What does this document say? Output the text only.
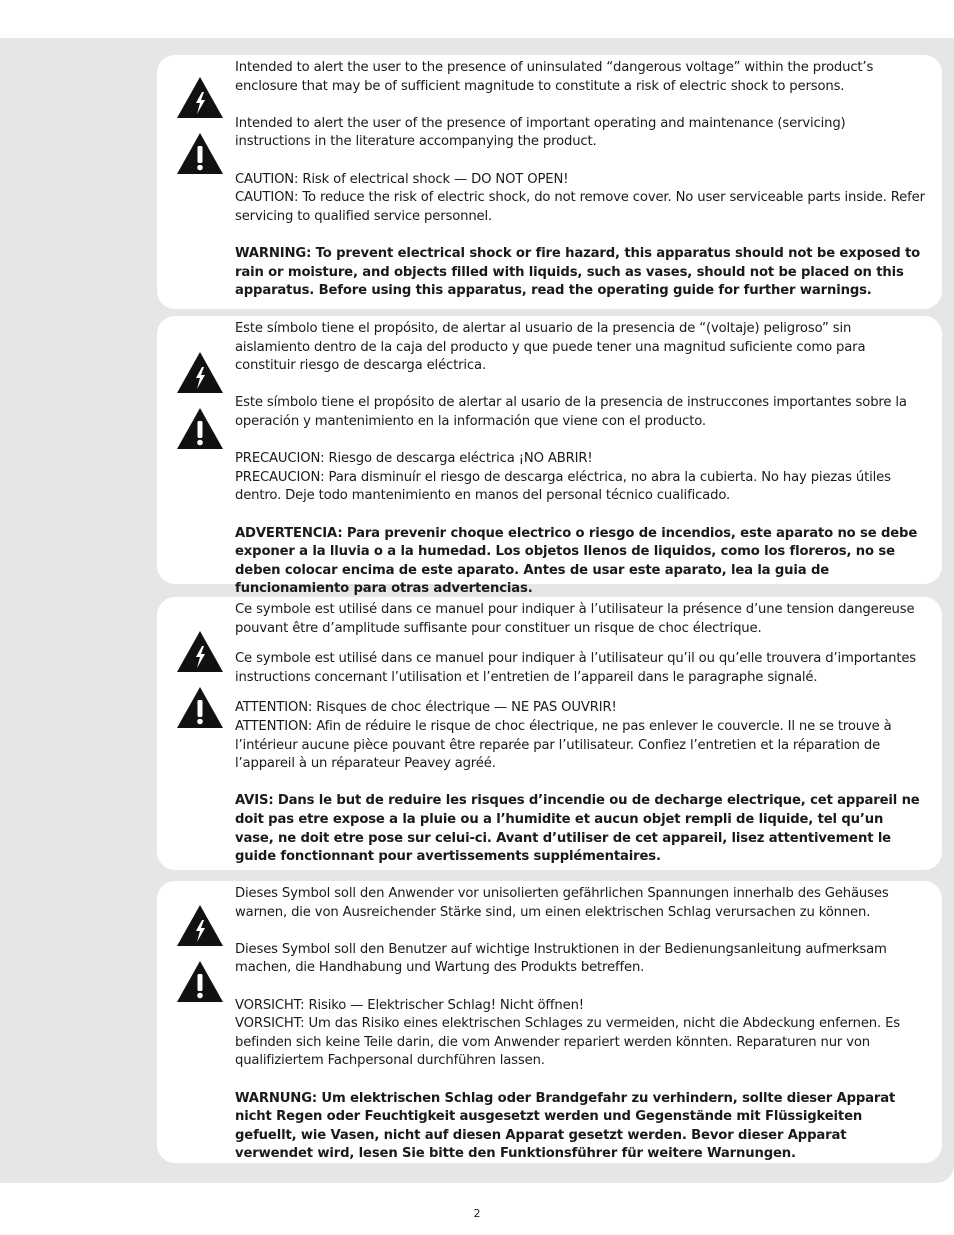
Intended to alert the user to the presence of uninsulated “dangerous voltage” within the product’s enclosure that may be of sufficient magnitude to constitute a risk of electric shock to persons.

Intended to alert the user of the presence of important operating and maintenance (servicing) instructions in the literature accompanying the product.

CAUTION: Risk of electrical shock — DO NOT OPEN!

CAUTION: To reduce the risk of electric shock, do not remove cover. No user serviceable parts inside. Refer servicing to qualified service personnel.

WARNING: To prevent electrical shock or fire hazard, this apparatus should not be exposed to rain or moisture, and objects filled with liquids, such as vases, should not be placed on this apparatus. Before using this apparatus, read the operating guide for further warnings.

Este símbolo tiene el propósito, de alertar al usuario de la presencia de “(voltaje) peligroso” sin aislamiento dentro de la caja del producto y que puede tener una magnitud suficiente como para constituir riesgo de descarga eléctrica.

Este símbolo tiene el propósito de alertar al usario de la presencia de instruccones importantes sobre la operación y mantenimiento en la información que viene con el producto.

PRECAUCION: Riesgo de descarga eléctrica ¡NO ABRIR!

PRECAUCION: Para disminuír el riesgo de descarga eléctrica, no abra la cubierta. No hay piezas útiles dentro. Deje todo mantenimiento en manos del personal técnico cualificado.

ADVERTENCIA: Para prevenir choque electrico o riesgo de incendios, este aparato no se debe exponer a la lluvia o a la humedad. Los objetos llenos de liquidos, como los floreros, no se deben colocar encima de este aparato. Antes de usar este aparato, lea la guia de funcionamiento para otras advertencias.

Ce symbole est utilisé dans ce manuel pour indiquer à l’utilisateur la présence d’une tension dangereuse pouvant être d’amplitude suffisante pour constituer un risque de choc électrique.

Ce symbole est utilisé dans ce manuel pour indiquer à l’utilisateur qu’il ou qu’elle trouvera d’importantes instructions concernant l’utilisation et l’entretien de l’appareil dans le paragraphe signalé.

ATTENTION: Risques de choc électrique — NE PAS OUVRIR!

ATTENTION: Afin de réduire le risque de choc électrique, ne pas enlever le couvercle. Il ne se trouve à l’intérieur aucune pièce pouvant être reparée par l’utilisateur. Confiez l’entretien et la réparation de l’appareil à un réparateur Peavey agréé.

AVIS: Dans le but de reduire les risques d’incendie ou de decharge electrique, cet appareil ne doit pas etre expose a la pluie ou a l’humidite et aucun objet rempli de liquide, tel qu’un vase, ne doit etre pose sur celui-ci. Avant d’utiliser de cet appareil, lisez attentivement le guide fonctionnant pour avertissements supplémentaires.

Dieses Symbol soll den Anwender vor unisolierten gefährlichen Spannungen innerhalb des Gehäuses warnen, die von Ausreichender Stärke sind, um einen elektrischen Schlag verursachen zu können.

Dieses Symbol soll den Benutzer auf wichtige Instruktionen in der Bedienungsanleitung aufmerksam machen, die Handhabung und Wartung des Produkts betreffen.

VORSICHT: Risiko — Elektrischer Schlag! Nicht öffnen!

VORSICHT: Um das Risiko eines elektrischen Schlages zu vermeiden, nicht die Abdeckung enfernen. Es befinden sich keine Teile darin, die vom Anwender repariert werden könnten. Reparaturen nur von qualifiziertem Fachpersonal durchführen lassen.

WARNUNG: Um elektrischen Schlag oder Brandgefahr zu verhindern, sollte dieser Apparat nicht Regen oder Feuchtigkeit ausgesetzt werden und Gegenstände mit Flüssigkeiten gefuellt, wie Vasen, nicht auf diesen Apparat gesetzt werden. Bevor dieser Apparat verwendet wird, lesen Sie bitte den Funktionsführer für weitere Warnungen.

2
